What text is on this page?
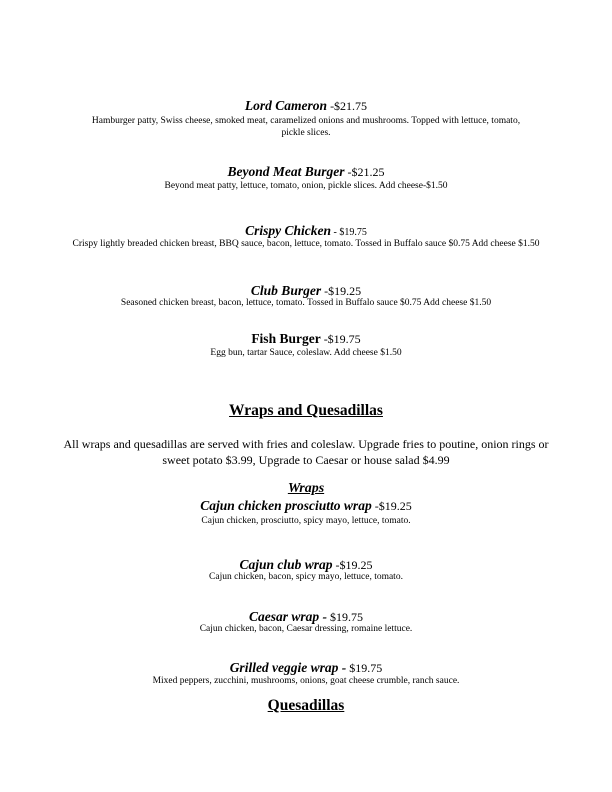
Lord Cameron -$21.75
Hamburger patty, Swiss cheese, smoked meat, caramelized onions and mushrooms. Topped with lettuce, tomato, pickle slices.
Beyond Meat Burger -$21.25
Beyond meat patty, lettuce, tomato, onion, pickle slices. Add cheese-$1.50
Crispy Chicken - $19.75
Crispy lightly breaded chicken breast, BBQ sauce, bacon, lettuce, tomato. Tossed in Buffalo sauce $0.75 Add cheese $1.50
Club Burger -$19.25
Seasoned chicken breast, bacon, lettuce, tomato. Tossed in Buffalo sauce $0.75 Add cheese $1.50
Fish Burger -$19.75
Egg bun, tartar Sauce, coleslaw. Add cheese $1.50
Wraps and Quesadillas
All wraps and quesadillas are served with fries and coleslaw. Upgrade fries to poutine, onion rings or sweet potato $3.99, Upgrade to Caesar or house salad $4.99
Wraps
Cajun chicken prosciutto wrap -$19.25
Cajun chicken, prosciutto, spicy mayo, lettuce, tomato.
Cajun club wrap -$19.25
Cajun chicken, bacon, spicy mayo, lettuce, tomato.
Caesar wrap - $19.75
Cajun chicken, bacon, Caesar dressing, romaine lettuce.
Grilled veggie wrap - $19.75
Mixed peppers, zucchini, mushrooms, onions, goat cheese crumble, ranch sauce.
Quesadillas
